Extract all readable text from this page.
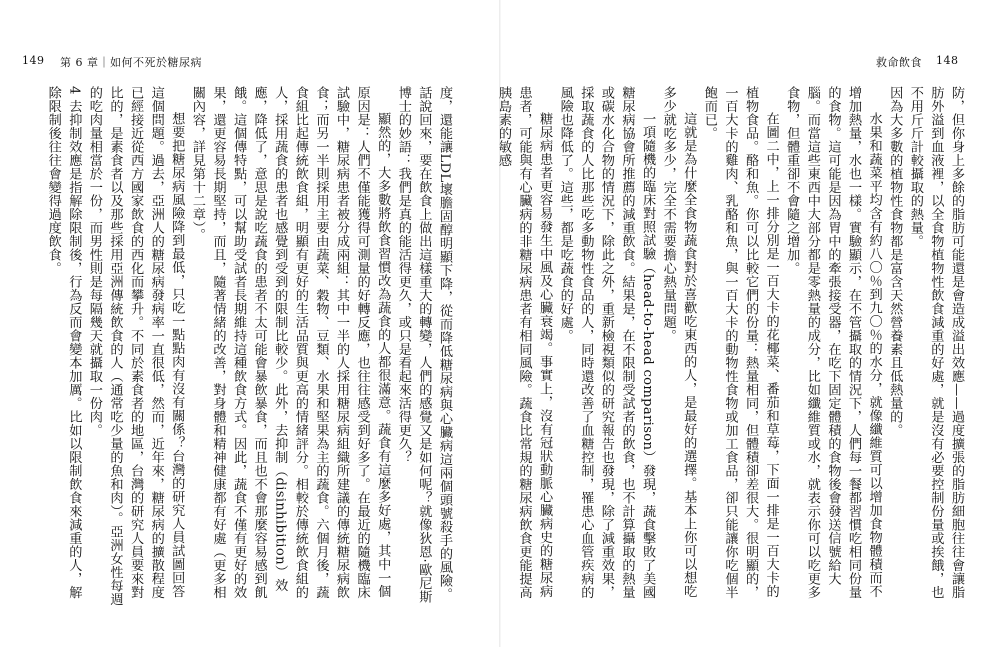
149 第 6 章｜如何不死於糖尿病

度，還能讓LDL壞膽固醇明顯下降，從而降低糖尿病與心臟病這兩個頭號殺手的風險。話說回來，要在飲食上做出這樣重大的轉變，人們的感覺又是如何呢？就像狄恩‧歐尼斯博士的妙語：我們是真的能活得更久，或只是看起來活得更久？

顯然的，大多數將飲食習慣改為蔬食的人都很滿意。蔬食有這麼多好處，其中一個原因是：人們不僅能獲得可測量的好轉反應，也往往感受到好多了。在最近的隨機臨床試驗中，糖尿病患者被分成兩組：其中一半的人採用糖尿病組織所建議的傳統糖尿病飲食；而另一半則採用主要由蔬菜、穀物、豆類、水果和堅果為主的蔬食。六個月後，蔬食組比起傳統飲食組，明顯有更好的生活品質與更高的情緒評分。相較於傳統飲食組的人，採用蔬食的患者也感覺到受到的限制比較少。此外，去抑制（disinhibition）效應，降低了，意思是說吃蔬食的患者不太可能會暴飲暴食，而且也不會那麼容易感到飢餓。這個傳特點，可以幫助受試者長期維持這種飲食方式。因此，蔬食不僅有更好的效果，還更容易長期堅持，而且，隨著情緒的改善，對身體和精神健康都有好處（更多相關內容，詳見第十二章）。

想要把糖尿病風險降到最低，只吃一點點肉有沒有關係？台灣的研究人員試圖回答這個問題。過去，亞洲人的糖尿病發病率一直很低，然而，近年來，糖尿病的擴散程度已經接近從西方國家飲食的西化而攀升。不同於素食者的地區，台灣的研究人員要來對比的，是素食者以及那些採用亞洲傳統飲食的人（通常吃少量的魚和肉）。亞洲女性每週的吃肉量相當於一份，而男性則是每隔幾天就攝取一份肉。

4 去抑制效應是指解除限制後，行為反而會變本加厲。比如以限制飲食來減重的人，解除限制後往往會變得過度飲食。

救命飲食 148

防，但你身上多餘的脂肪可能還是會造成溢出效應——過度擴張的脂肪細胞往往會讓脂肪外溢到血液裡，以全食物植物性飲食減重的好處，就是沒有必要控制份量或挨餓，也不用斤斤計較攝取的熱量。

因為大多數的植物性食物都是富含天然營養素且低熱量的。

水果和蔬菜平均含有約八〇％到九〇％的水分，就像纖維質可以增加食物體積而不增加熱量，水也一樣。實驗顯示，在不管攝取的情況下，人們每一餐都習慣吃相同份量的食物。這可能是因為胃中的牽張接受器，在吃下固定體積的食物後會發送信號給大腦。而當這些東西中大部分都是零熱量的成分，比如纖維質或水，就表示你可以吃更多食物，但體重卻不會隨之增加。

在圖二中，上一排分別是一百大卡的花椰菜、番茄和草莓，下面一排是一百大卡的植物食品。酪和魚。你可以比較它們的份量：熱量相同，但體積卻差很大。很明顯的，一百大卡的雞肉、乳酪和魚，與一百大卡的動物性食物或加工食品，卻只能讓你吃個半飽而已。

這就是為什麼全食物蔬食對於喜歡吃東西的人，是最好的選擇。基本上你可以想吃多少就吃多少，完全不需要擔心熱量問題。

一項隨機的臨床對照試驗（head-to-head comparison）發現，蔬食擊敗了美國糖尿病協會所推薦的減重飲食。結果是，在不限制受試者的飲食，也不計算攝取的熱量或碳水化合物的情況下，除此之外，重新檢視類似的研究報告也發現，除了減重效果，採取蔬食的人比那些吃多動物性食品的人，同時還改善了血糖控制，罹患心血管疾病的風險也降低了。這些，都是吃蔬食的好處。

糖尿病患者更容易發生中風及心臟衰竭。事實上，沒有冠狀動脈心臟病史的糖尿病患者，可能與有心臟病的非糖尿病患者有相同風險。蔬食比常規的糖尿病飲食更能提高胰島素的敏感
